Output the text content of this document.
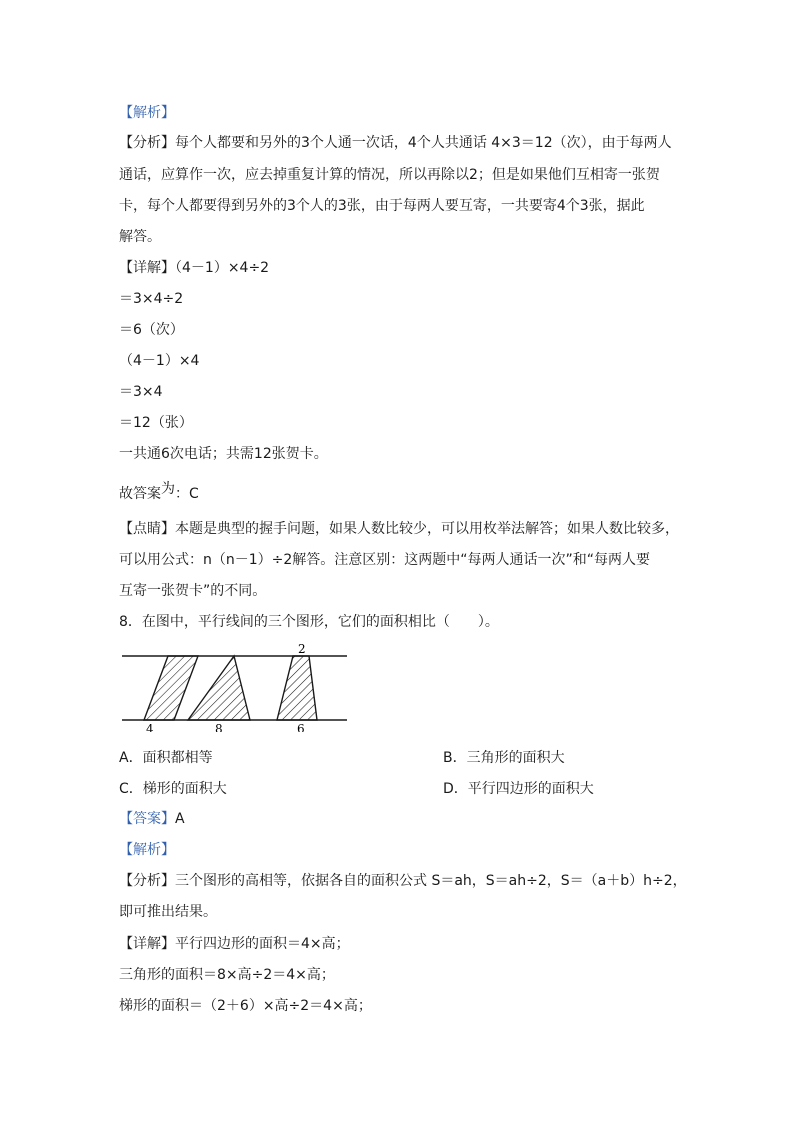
【解析】
【分析】每个人都要和另外的3个人通一次话，4个人共通话 4×3＝12（次），由于每两人
通话，应算作一次，应去掉重复计算的情况，所以再除以2；但是如果他们互相寄一张贺
卡，每个人都要得到另外的3个人的3张，由于每两人要互寄，一共要寄4个3张，据此
解答。
【详解】（4－1）×4÷2
＝3×4÷2
＝6（次）
（4－1）×4
＝3×4
＝12（张）
一共通6次电话；共需12张贺卡。
故答案为：C
【点睛】本题是典型的握手问题，如果人数比较少，可以用枚举法解答；如果人数比较多，
可以用公式：n（n－1）÷2解答。注意区别：这两题中“每两人通话一次”和“每两人要
互寄一张贺卡”的不同。
8．在图中，平行线间的三个图形，它们的面积相比（　　）。
4	8	6
2
A．面积都相等	B．三角形的面积大
C．梯形的面积大	D．平行四边形的面积大
【答案】A
【解析】
【分析】三个图形的高相等，依据各自的面积公式 S＝ah，S＝ah÷2，S＝（a＋b）h÷2，
即可推出结果。
【详解】平行四边形的面积＝4×高；
三角形的面积＝8×高÷2＝4×高；
梯形的面积＝（2＋6）×高÷2＝4×高；
